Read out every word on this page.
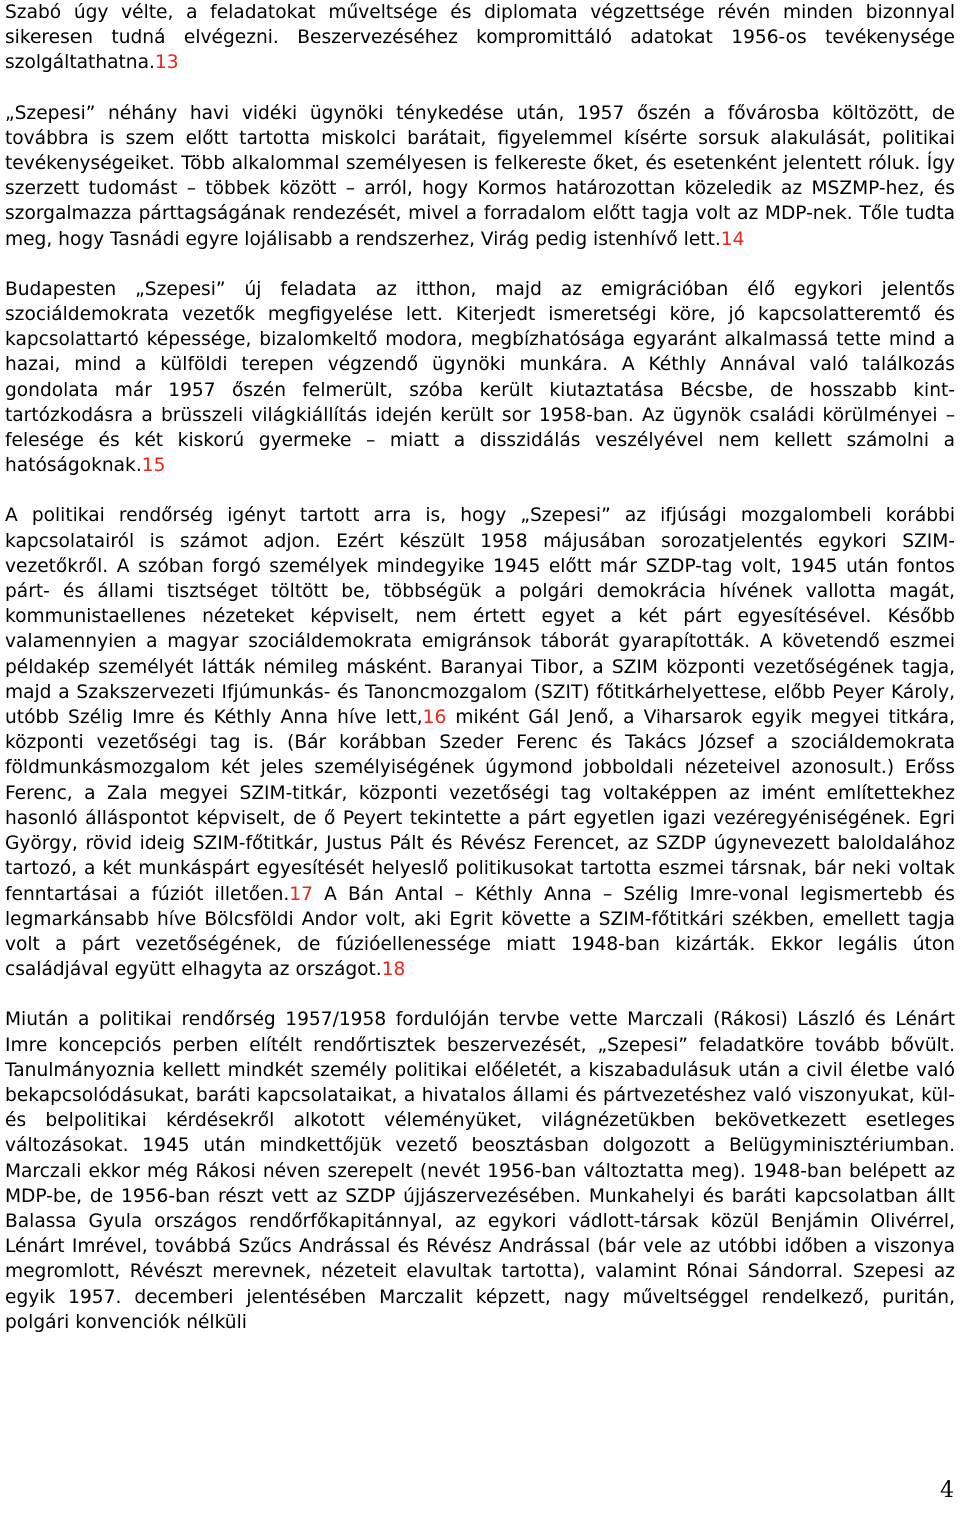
Szabó úgy vélte, a feladatokat műveltsége és diplomata végzettsége révén minden bizonnyal sikeresen tudná elvégezni. Beszervezéséhez kompromittáló adatokat 1956-os tevékenysége szolgáltathatna.13

„Szepesi” néhány havi vidéki ügynöki ténykedése után, 1957 őszén a fővárosba költözött, de továbbra is szem előtt tartotta miskolci barátait, figyelemmel kísérte sorsuk alakulását, politikai tevékenységeiket. Több alkalommal személyesen is felkereste őket, és esetenként jelentett róluk. Így szerzett tudomást – többek között – arról, hogy Kormos határozottan közeledik az MSZMP-hez, és szorgalmazza párttagságának rendezését, mivel a forradalom előtt tagja volt az MDP-nek. Tőle tudta meg, hogy Tasnádi egyre lojálisabb a rendszerhez, Virág pedig istenhívő lett.14

Budapesten „Szepesi” új feladata az itthon, majd az emigrációban élő egykori jelentős szociáldemokrata vezetők megfigyelése lett. Kiterjedt ismeretségi köre, jó kapcsolatteremtő és kapcsolattartó képessége, bizalomkeltő modora, megbízhatósága egyaránt alkalmassá tette mind a hazai, mind a külföldi terepen végzendő ügynöki munkára. A Kéthly Annával való találkozás gondolata már 1957 őszén felmerült, szóba került kiutaztatása Bécsbe, de hosszabb kint-tartózkodásra a brüsszeli világkiállítás idején került sor 1958-ban. Az ügynök családi körülményei – felesége és két kiskorú gyermeke – miatt a disszidálás veszélyével nem kellett számolni a hatóságoknak.15

A politikai rendőrség igényt tartott arra is, hogy „Szepesi” az ifjúsági mozgalombeli korábbi kapcsolatairól is számot adjon. Ezért készült 1958 májusában sorozatjelentés egykori SZIM-vezetőkről. A szóban forgó személyek mindegyike 1945 előtt már SZDP-tag volt, 1945 után fontos párt- és állami tisztséget töltött be, többségük a polgári demokrácia hívének vallotta magát, kommunistaellenes nézeteket képviselt, nem értett egyet a két párt egyesítésével. Később valamennyien a magyar szociáldemokrata emigránsok táborát gyarapították. A követendő eszmei példakép személyét látták némileg másként. Baranyai Tibor, a SZIM központi vezetőségének tagja, majd a Szakszervezeti Ifjúmunkás- és Tanoncmozgalom (SZIT) főtitkárhelyettese, előbb Peyer Károly, utóbb Szélig Imre és Kéthly Anna híve lett,16 miként Gál Jenő, a Viharsarok egyik megyei titkára, központi vezetőségi tag is. (Bár korábban Szeder Ferenc és Takács József a szociáldemokrata földmunkásmozgalom két jeles személyiségének úgymond jobboldali nézeteivel azonosult.) Erőss Ferenc, a Zala megyei SZIM-titkár, központi vezetőségi tag voltaképpen az imént említettekhez hasonló álláspontot képviselt, de ő Peyert tekintette a párt egyetlen igazi vezéregyéniségének. Egri György, rövid ideig SZIM-főtitkár, Justus Pált és Révész Ferencet, az SZDP úgynevezett baloldalához tartozó, a két munkáspárt egyesítését helyeslő politikusokat tartotta eszmei társnak, bár neki voltak fenntartásai a fúziót illetően.17 A Bán Antal – Kéthly Anna – Szélig Imre-vonal legismertebb és legmarkánsabb híve Bölcsföldi Andor volt, aki Egrit követte a SZIM-főtitkári székben, emellett tagja volt a párt vezetőségének, de fúzióellenessége miatt 1948-ban kizárták. Ekkor legális úton családjával együtt elhagyta az országot.18

Miután a politikai rendőrség 1957/1958 fordulóján tervbe vette Marczali (Rákosi) László és Lénárt Imre koncepciós perben elítélt rendőrtisztek beszervezését, „Szepesi” feladatköre tovább bővült. Tanulmányoznia kellett mindkét személy politikai előéletét, a kiszabadulásuk után a civil életbe való bekapcsolódásukat, baráti kapcsolataikat, a hivatalos állami és pártvezetéshez való viszonyukat, kül- és belpolitikai kérdésekről alkotott véleményüket, világnézetükben bekövetkezett esetleges változásokat. 1945 után mindkettőjük vezető beosztásban dolgozott a Belügyminisztériumban. Marczali ekkor még Rákosi néven szerepelt (nevét 1956-ban változtatta meg). 1948-ban belépett az MDP-be, de 1956-ban részt vett az SZDP újjászervezésében. Munkahelyi és baráti kapcsolatban állt Balassa Gyula országos rendőrfőkapitánnyal, az egykori vádlott-társak közül Benjámin Olivérrel, Lénárt Imrével, továbbá Szűcs Andrással és Révész Andrással (bár vele az utóbbi időben a viszonya megromlott, Révészt merevnek, nézeteit elavultak tartotta), valamint Rónai Sándorral. Szepesi az egyik 1957. decemberi jelentésében Marczalit képzett, nagy műveltséggel rendelkező, puritán, polgári konvenciók nélküli

4
